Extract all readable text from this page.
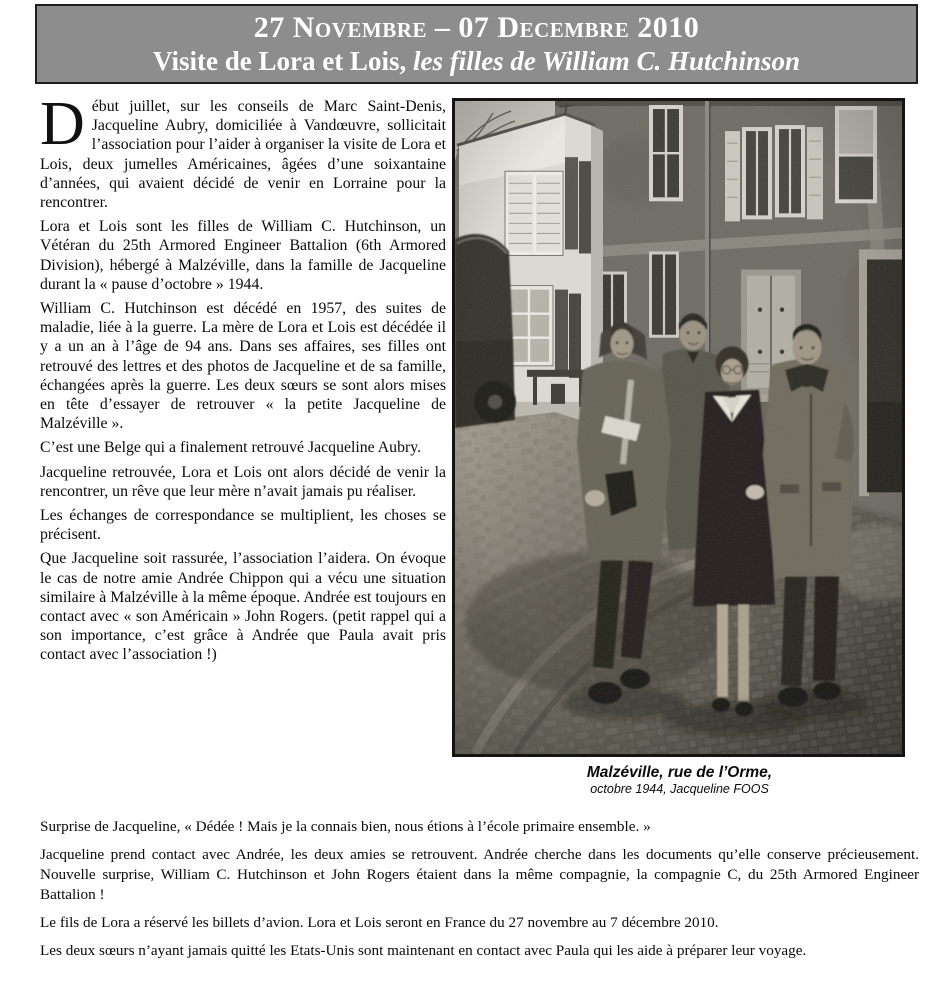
27 Novembre – 07 Decembre 2010
Visite de Lora et Lois, les filles de William C. Hutchinson

Début juillet, sur les conseils de Marc Saint-Denis, Jacqueline Aubry, domiciliée à Vandœuvre, sollicitait l’association pour l’aider à organiser la visite de Lora et Lois, deux jumelles Américaines, âgées d’une soixantaine d’années, qui avaient décidé de venir en Lorraine pour la rencontrer.

Lora et Lois sont les filles de William C. Hutchinson, un Vétéran du 25th Armored Engineer Battalion (6th Armored Division), hébergé à Malzéville, dans la famille de Jacqueline durant la « pause d’octobre » 1944.

William C. Hutchinson est décédé en 1957, des suites de maladie, liée à la guerre. La mère de Lora et Lois est décédée il y a un an à l’âge de 94 ans. Dans ses affaires, ses filles ont retrouvé des lettres et des photos de Jacqueline et de sa famille, échangées après la guerre. Les deux sœurs se sont alors mises en tête d’essayer de retrouver « la petite Jacqueline de Malzéville ».

C’est une Belge qui a finalement retrouvé Jacqueline Aubry.

Jacqueline retrouvée, Lora et Lois ont alors décidé de venir la rencontrer, un rêve que leur mère n’avait jamais pu réaliser.

Les échanges de correspondance se multiplient, les choses se précisent.

Que Jacqueline soit rassurée, l’association l’aidera. On évoque le cas de notre amie Andrée Chippon qui a vécu une situation similaire à Malzéville à la même époque. Andrée est toujours en contact avec « son Américain » John Rogers. (petit rappel qui a son importance, c’est grâce à Andrée que Paula avait pris contact avec l’association !)

Malzéville, rue de l’Orme,
octobre 1944, Jacqueline FOOS

Surprise de Jacqueline, « Dédée ! Mais je la connais bien, nous étions à l’école primaire ensemble. »

Jacqueline prend contact avec Andrée, les deux amies se retrouvent. Andrée cherche dans les documents qu’elle conserve précieusement. Nouvelle surprise, William C. Hutchinson et John Rogers étaient dans la même compagnie, la compagnie C, du 25th Armored Engineer Battalion !

Le fils de Lora a réservé les billets d’avion. Lora et Lois seront en France du 27 novembre au 7 décembre 2010.

Les deux sœurs n’ayant jamais quitté les Etats-Unis sont maintenant en contact avec Paula qui les aide à préparer leur voyage.
